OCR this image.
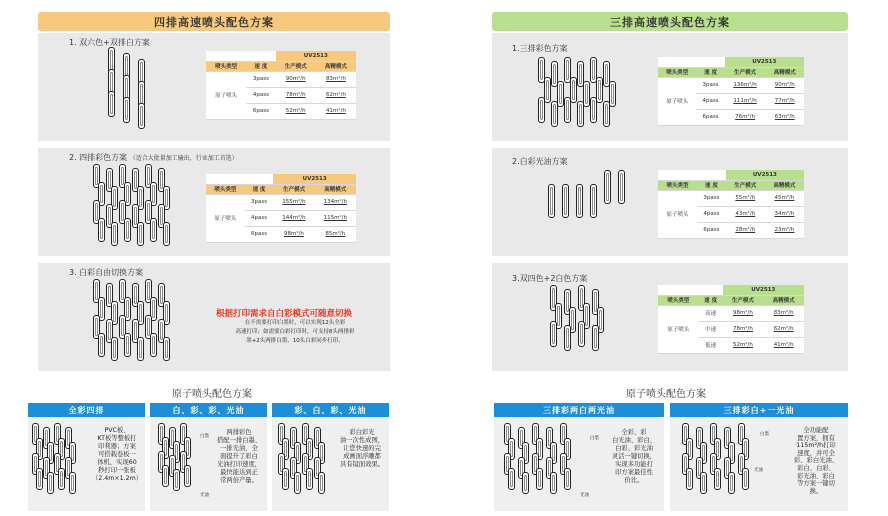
四排高速喷头配色方案	三排高速喷头配色方案
1. 双六色+双排白方案
		UV2513	
喷头类型	速 度	生产模式	高精模式
原子喷头	3pass	90m²/h	83m²/h
	4pass	78m²/h	62m²/h
	6pass	52m²/h	41m²/h
2. 四排彩色方案 （适合大批量加工输出，行业加工首选）
		UV2513	
喷头类型	速 度	生产模式	高精模式
原子喷头	3pass	155m²/h	134m²/h
	4pass	144m²/h	115m²/h
	6pass	98m²/h	85m²/h
3. 白彩自由切换方案
根据打印需求自白彩模式可随意切换
在不需要打印白墨时，可以实现12头全彩
高速打印；如需要白彩打印时，可支持8头两排彩
墨+2头两排白墨，10头白彩同步打印。
1.三排彩色方案
		UV2513	
喷头类型	速 度	生产模式	高精模式
原子喷头	3pass	136m²/h	90m²/h
	4pass	111m²/h	77m²/h
	6pass	76m²/h	63m²/h
2.白彩光油方案
		UV2513	
喷头类型	速 度	生产模式	高精模式
原子喷头	3pass	55m²/h	45m²/h
	4pass	43m²/h	34m²/h
	6pass	28m²/h	23m²/h
3.双四色+2白色方案
		UV2513	
喷头类型	速 度	生产模式	高精模式
原子喷头	高速	98m²/h	83m²/h
	中速	78m²/h	62m²/h
	低速	52m²/h	41m²/h
原子喷头配色方案	原子喷头配色方案
全彩四排
PVC板、
KT板等整板打
印利器；方案
可搭载卷板一
体机，实现60
秒打印一张板
（2.4m×1.2m）
白、彩、彩、光油
白墨
光油
两排彩色
搭配一排白墨、
一排光油，全
面提升了彩白
光油打印速度，
最快能达到正
常两倍产量。
彩、白、彩、光油
彩白彩光
油一次性成图，
让您快速的完
成画面浮雕都
具有镜面效果。
三排彩两白两光油
白墨
光油
全彩、彩
白光油、彩白、
白彩、彩光油
灵活一键切换，
实现多功能打
印方案最佳性
价比。
三排彩白+一光油
白墨
光油
全功能配
置方案，拥有
115m²/h打印
速度，并可全
彩、彩白光油、
彩白、白彩、
彩光油、彩白
等方案一键切
换。
